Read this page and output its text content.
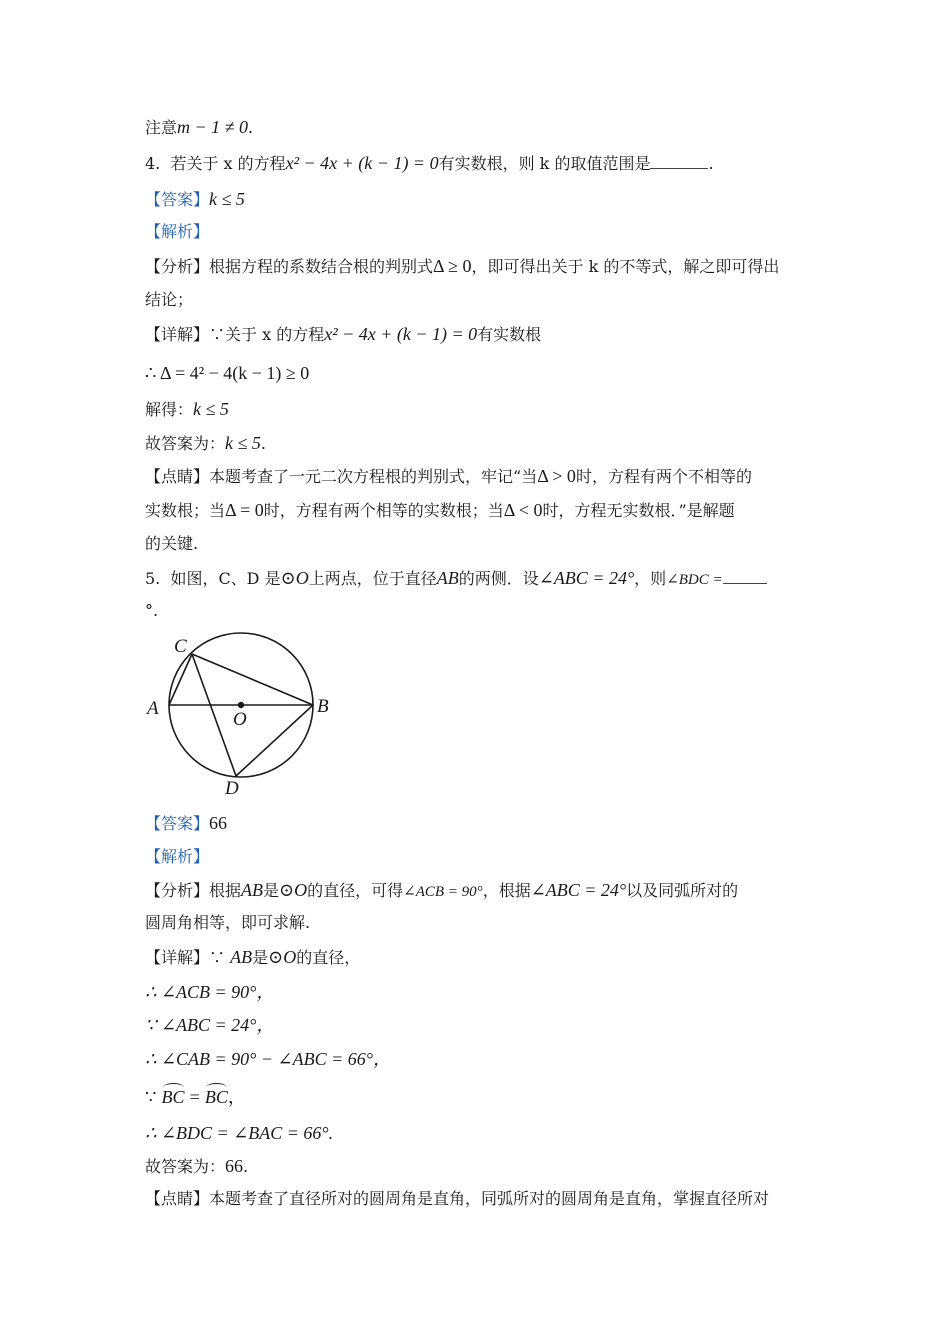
注意m − 1 ≠ 0.
4. 若关于 x 的方程x² − 4x + (k − 1) = 0有实数根，则 k 的取值范围是	.
【答案】k ≤ 5
【解析】
【分析】根据方程的系数结合根的判别式Δ ≥ 0，即可得出关于 k 的不等式，解之即可得出
结论；
【详解】∵关于 x 的方程x² − 4x + (k − 1) = 0有实数根
∴ Δ = 4² − 4(k − 1) ≥ 0
解得：k ≤ 5
故答案为：k ≤ 5.
【点睛】本题考查了一元二次方程根的判别式，牢记“当Δ > 0时，方程有两个不相等的
实数根；当Δ = 0时，方程有两个相等的实数根；当Δ < 0时，方程无实数根．”是解题
的关键.
5. 如图，C、D 是⊙O上两点，位于直径AB的两侧．设∠ABC = 24°，则∠BDC =
°.
C
A
O
B
D
【答案】66
【解析】
【分析】根据AB是⊙O的直径，可得∠ACB = 90°，根据∠ABC = 24°以及同弧所对的
圆周角相等，即可求解.
【详解】∵ AB是⊙O的直径，
∴ ∠ACB = 90°，
∵ ∠ABC = 24°，
∴ ∠CAB = 90° − ∠ABC = 66°，
∵ BC = BC，
∴ ∠BDC = ∠BAC = 66°.
故答案为：66.
【点睛】本题考查了直径所对的圆周角是直角，同弧所对的圆周角是直角，掌握直径所对
